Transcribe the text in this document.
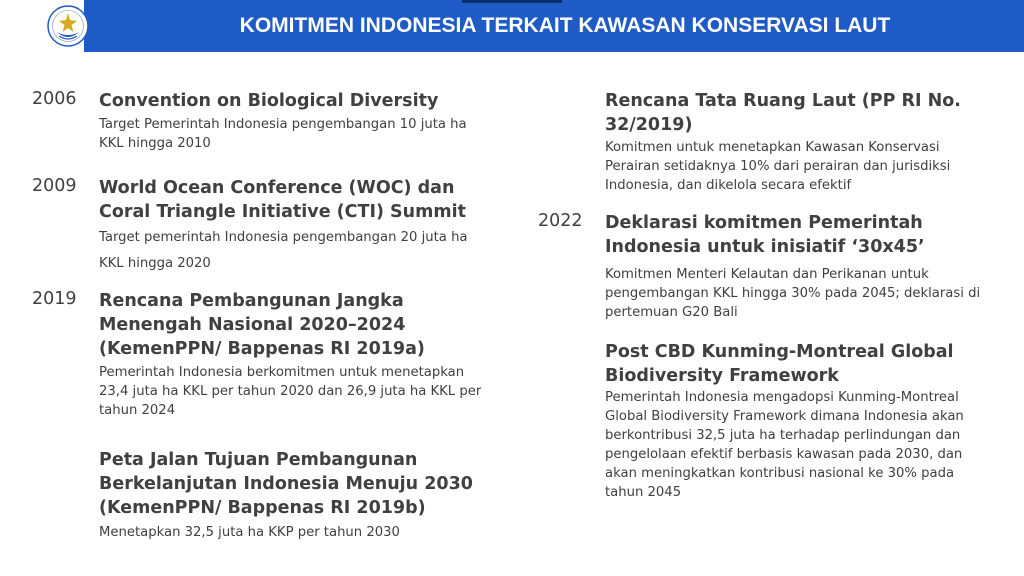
KOMITMEN INDONESIA TERKAIT KAWASAN KONSERVASI LAUT
2006 Convention on Biological Diversity
Target Pemerintah Indonesia pengembangan 10 juta ha KKL hingga 2010
2009 World Ocean Conference (WOC) dan Coral Triangle Initiative (CTI) Summit Target pemerintah Indonesia pengembangan 20 juta ha KKL hingga 2020
2019 Rencana Pembangunan Jangka Menengah Nasional 2020–2024 (KemenPPN/ Bappenas RI 2019a)
Pemerintah Indonesia berkomitmen untuk menetapkan 23,4 juta ha KKL per tahun 2020 dan 26,9 juta ha KKL per tahun 2024
Peta Jalan Tujuan Pembangunan Berkelanjutan Indonesia Menuju 2030 (KemenPPN/ Bappenas RI 2019b)
Menetapkan 32,5 juta ha KKP per tahun 2030
Rencana Tata Ruang Laut (PP RI No. 32/2019)
Komitmen untuk menetapkan Kawasan Konservasi Perairan setidaknya 10% dari perairan dan jurisdiksi Indonesia, dan dikelola secara efektif
2022 Deklarasi komitmen Pemerintah Indonesia untuk inisiatif ‘30x45’
Komitmen Menteri Kelautan dan Perikanan untuk pengembangan KKL hingga 30% pada 2045; deklarasi di pertemuan G20 Bali
Post CBD Kunming-Montreal Global Biodiversity Framework
Pemerintah Indonesia mengadopsi Kunming-Montreal Global Biodiversity Framework dimana Indonesia akan berkontribusi 32,5 juta ha terhadap perlindungan dan pengelolaan efektif berbasis kawasan pada 2030, dan akan meningkatkan kontribusi nasional ke 30% pada tahun 2045
